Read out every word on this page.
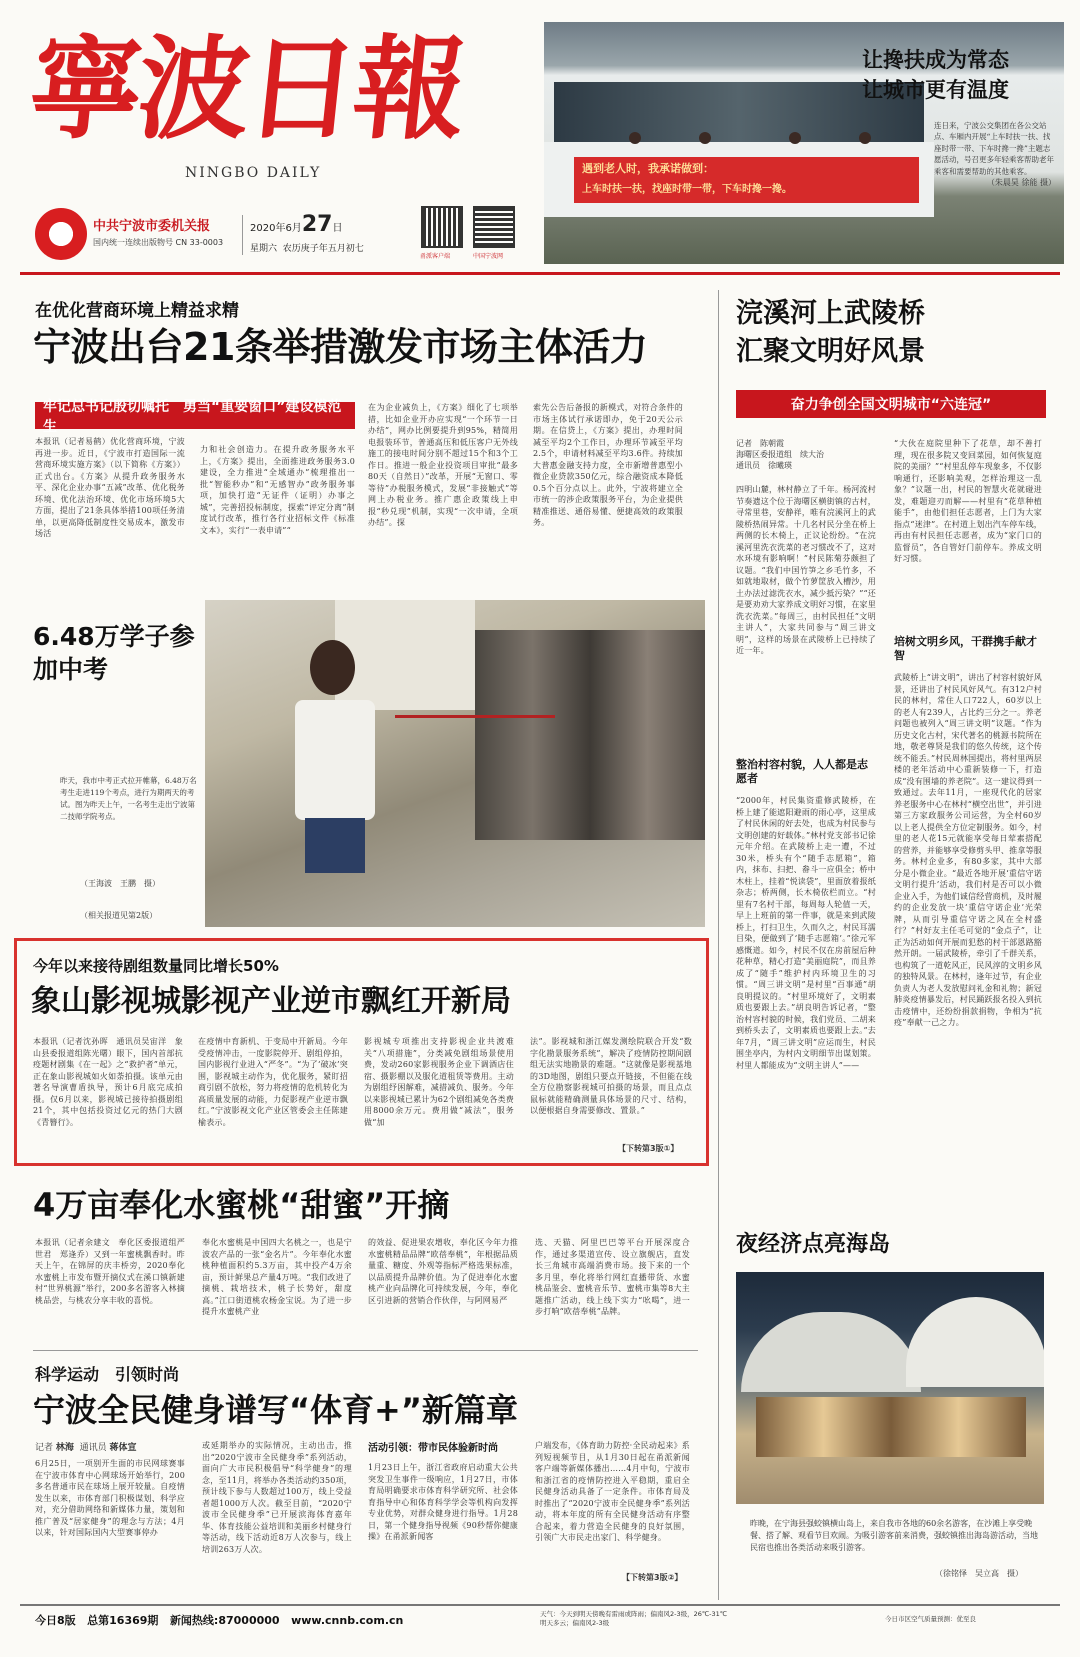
寧波日報
NINGBO DAILY
中共宁波市委机关报
国内统一连续出版物号 CN 33-0003
2020年6月27日
星期六 农历庚子年五月初七
甬派客户端	中国宁波网
让搀扶成为常态
让城市更有温度
遇到老人时，我承诺做到：
上车时扶一扶，找座时带一带，下车时搀一搀。
连日来，宁波公交集团在各公交站点、车厢内开展“上车时扶一扶、找座时带一带、下车时搀一搀”主题志愿活动，号召更多年轻乘客帮助老年乘客和需要帮助的其他乘客。
（朱晨昊 徐能 摄）
在优化营商环境上精益求精
宁波出台21条举措激发市场主体活力
牢记总书记殷切嘱托　勇当“重要窗口”建设模范生
本报讯（记者易鹤）优化营商环境，宁波再进一步。近日，《宁波市打造国际一流营商环境实施方案》（以下简称《方案》）正式出台。《方案》从提升政务服务水平、深化企业办事“五减”改革、优化税务环境、优化法治环境、优化市场环境5大方面，提出了21条具体举措100项任务清单，以更高降低制度性交易成本，激发市场活
力和社会创造力。在提升政务服务水平上，《方案》提出，全面推进政务服务3.0建设，全力推进“全域通办”梳理推出一批“智能秒办”和“无感智办”政务服务事项，加快打造“无证件（证明）办事之城”，完善招投标制度，探索“评定分离”制度试行改革，推行各行业招标文件《标准文本》，实行“一表申请”“
在为企业减负上，《方案》细化了七项举措，比如企业开办应实现“一个环节一日办结”，网办比例要提升到95%，精简用电报装环节，普通高压和低压客户无外线施工的接电时间分别不超过15个和3个工作日。推进一般企业投资项目审批“最多80天（自然日）”改革，开展“无窗口、零等待”办税服务模式，发展“非接触式”等网上办税业务。推广惠企政策线上申报“秒兑现”机制，实现“一次申请，全项办结”。探
索先公告后备报的新模式，对符合条件的市场主体试行承诺即办，免于20天公示期。在信贷上，《方案》提出，办理时间减至平均2个工作日，办理环节减至平均2.5个，申请材料减至平均3.6件。持续加大普惠金融支持力度，全市新增普惠型小微企业贷款350亿元，综合融资成本降低0.5个百分点以上。此外，宁波将建立全市统一的涉企政策服务平台，为企业提供精准推送、通俗易懂、便捷高效的政策服务。
6.48万学子参加中考
昨天，我市中考正式拉开帷幕，6.48万名考生走进119个考点，进行为期两天的考试。图为昨天上午，一名考生走出宁波第二技师学院考点。
（王海波　王鹏　摄）
（相关报道见第2版）
今年以来接待剧组数量同比增长50%
象山影视城影视产业逆市飘红开新局
本报讯（记者沈孙晖　通讯员吴宙洋　象山县委报道组陈光曙）眼下，国内首部抗疫题材剧集《在一起》之“救护者”单元，正在象山影视城如火如荼拍摄。该单元由著名导演曹盾执导，预计6月底完成拍摄。仅6月以来，影视城已接待拍摄剧组21个，其中包括投资过亿元的热门大剧《青簪行》。
在疫情中育新机、于变局中开新局。今年受疫情冲击，一度影院停开、剧组停拍，国内影视行业进入“严冬”。“为了‘破冰’突围，影视城主动作为，优化服务，紧盯招商引剧不放松，努力将疫情的危机转化为高质量发展的动能，力促影视产业逆市飘红。”宁波影视文化产业区管委会主任陈建榆表示。
影视城专项推出支持影视企业共渡难关“八项措施”，分类减免剧组场景使用费，发动260家影视服务企业下调酒店住宿、摄影棚以及服化道租赁等费用。主动为剧组纾困解难，减措减负、服务。今年以来影视城已累计为62个剧组减免各类费用8000余万元。费用做“减法”，服务做“加
法”。影视城和浙江媒发测绘院联合开发“数字化勘景服务系统”，解决了疫情防控期间剧组无法实地勘景的难题。“这就像是影视基地的3D地图，剧组只要点开链接，不但能在线全方位勘察影视城可拍摄的场景，而且点点鼠标就能精确测量具体场景的尺寸、结构，以便根据自身需要修改、置景。”
【下转第3版①】
4万亩奉化水蜜桃“甜蜜”开摘
本报讯（记者余建文　奉化区委报道组严世君　郑逢乔）又到一年蜜桃飘香时。昨天上午，在锦屏的庆丰桥旁，2020奉化水蜜桃上市发布暨开摘仪式在溪口镇新建村“世界桃源”举行，200多名游客入林摘桃品尝，与桃农分享丰收的喜悦。
奉化水蜜桃是中国四大名桃之一，也是宁波农产品的一张“金名片”。今年奉化水蜜桃种植面积约5.3万亩，其中投产4万余亩，预计鲜果总产量4万吨。“我们改进了摘桃、栽培技术，桃子长势好，甜度高。”江口街道桃农杨金宝说。为了进一步提升水蜜桃产业
的效益、促进果农增收，奉化区今年力推水蜜桃精品品牌“欧蓓奉桃”，年根据品质量重、糖度、外观等指标严格选果标准，以品质提升品牌价值。为了促进奉化水蜜桃产业向品牌化可持续发展，今年，奉化区引进新的营销合作伙伴，与阿网易严
选、天猫、阿里巴巴等平台开展深度合作，通过多渠道宣传、设立旗舰店，直发长三角城市高端消费市场。接下来的一个多月里，奉化将举行网红直播带货、水蜜桃品鉴会、蜜桃音乐节、蜜桃市集等8大主题推广活动，线上线下实力“吆喝”，进一步打响“欧蓓奉桃”品牌。
科学运动　引领时尚
宁波全民健身谱写“体育+”新篇章
记者 林海 通讯员 蒋体宣
6月25日，一项别开生面的市民网球赛事在宁波市体育中心网球场开始举行，200多名普通市民在球场上展开较量。自疫情发生以来，市体育部门积极谋划、科学应对，充分借助网络和新媒体力量，策划和推广普及“居家健身”的理念与方法；4月以来，针对国际国内大型赛事停办
或延期举办的实际情况，主动出击，推出“2020宁波市全民健身季”系列活动，面向广大市民积极倡导“科学健身”的理念，至11月，将举办各类活动约350项，预计线下参与人数超过100万，线上受益者超1000万人次。截至目前，“2020宁波市全民健身季”已开展滨海体育嘉年华、体育技能公益培训和美丽乡村健身行等活动，线下活动近8万人次参与，线上培训263万人次。
活动引领：带市民体验新时尚
1月23日上午，浙江省政府启动重大公共突发卫生事件一级响应，1月27日，市体育局明确要求市体育科学研究所、社会体育指导中心和体育科学学会等机构向发挥专业优势，对群众健身进行指导。1月28日，第一个健身指导视频《90秒帮你健康操》在甬派新闻客
户端发布，《体育助力防控·全民动起来》系列短视频节目，从1月30日起在甬派新闻客户端等新媒体播出……4月中旬，宁波市和浙江省的疫情防控进入平稳期，重启全民健身活动具备了一定条件。市体育局及时推出了“2020宁波市全民健身季”系列活动，将本年度的所有全民健身活动有序整合起来，着力营造全民健身的良好氛围，引领广大市民走出家门、科学健身。
【下转第3版②】
浣溪河上武陵桥
汇聚文明好风景
奋力争创全国文明城市“六连冠”
记者　陈朝霞
海曙区委报道组　续大治
通讯员　徐曦瑛
四明山麓，林村静立了千年。杨河流村节奏遗这个位于海曙区横街镇的古村，寻常里巷，安静祥，唯有浣溪河上的武陵桥热闹异常。十几名村民分坐在桥上两侧的长木椅上，正议论纷纷。“在浣溪河里洗衣洗菜的老习惯改不了，这对水环境有影响啊！”村民陈菊芬颇担了议题。“我们中国竹笋之乡毛竹多，不如就地取材，做个竹萝筐放入槽沙，用土办法过滤洗衣水，减少抵污染？”“还是要劝劝大家养成文明好习惯，在家里洗衣洗菜。”每周三，由村民担任“文明主讲人”，大家共同参与“周三讲文明”，这样的场景在武陵桥上已持续了近一年。
整治村容村貌，人人都是志愿者
“2000年，村民集资重修武陵桥，在桥上建了能遮阳避雨的雨心亭，这里成了村民休闲的好去处，也成为村民参与文明创建的好载体。”林村党支部书记徐元年介绍。在武陵桥上走一遭，不过30米，桥头有个“随手志愿箱”，箱内，抹布、扫把、畚斗一应俱全；桥中木柱上，挂着“悦读袋”，里面放着报纸杂志；桥两侧，长木椅依栏而立。“村里有7名村干部，每周每人轮值一天，早上上班前的第一件事，就是来到武陵桥上，打扫卫生，久而久之，村民耳濡目染，便做到了‘随手志愿箱’。”徐元军感慨道。如今，村民不仅在房前屋后种花种草，精心打造“美丽庭院”，而且养成了“随手”维护村内环境卫生的习惯。“周三讲文明”是村里“百事通”胡良明提议的。“村里环境好了，文明素质也要跟上去。”胡良明告诉记者，“整治村容村貌的时候，我们党员、二胡来到桥头去了，文明素质也要跟上去。”去年7月，“周三讲文明”应运而生，村民围坐亭内，为村内文明细节出谋划策。村里人都能成为“文明主讲人”——
“大伙在庭院里种下了花草，却不善打理，现在很多院又变回菜园，如何恢复庭院的美丽？”“村里乱停车现象多，不仅影响通行，还影响美观，怎样治理这一乱象？”议题一出，村民的智慧火花就碰进发，难题迎刃而解——村里有“花草种植能手”，由他们担任志愿者，上门为大家指点“迷津”。在村道上划出汽车停车线，再由有村民担任志愿者，成为“家门口的监督员”，各自管好门前停车。养成文明好习惯。
培树文明乡风，干群携手献才智
武陵桥上“讲文明”，讲出了村容村貌好风景，还讲出了村民风好风气。有312户村民的林村，常住人口722人，60岁以上的老人有239人，占比约三分之一。养老问题也被列入“周三讲文明”议题。“作为历史文化古村，宋代著名的桃源书院所在地，敬老尊贤是我们的悠久传统，这个传统不能丢。”村民周林国提出，将村里两层楼的老年活动中心重新装修一下，打造成“没有围墙的养老院”。这一建议得到一致通过。去年11月，一座现代化的居家养老服务中心在林村“横空出世”，并引进第三方家政服务公司运营，为全村60岁以上老人提供全方位定制服务。如今，村里的老人花15元就能享受每日荤素搭配的营养，并能够享受修剪头甲、推拿等服务。林村企业多，有80多家，其中大部分是小微企业。“最近各地开展‘重信守诺文明行提升’活动，我们村是否可以小微企业入手，为他们诚信经营商机，及时履约的企业发放一块‘重信守诺企业’光荣牌，从而引导重信守诺之风在全村盛行？”村好友主任毛可觉的“金点子”，让正为活动如何开展而犯愁的村干部恩路豁然开朗。一届武陵桥，牵引了千群关系，也构筑了一道乾风正，民风淳的文明乡风的独特风景。在林村，逢年过节，有企业负责人为老人发放慰问礼金和礼物；新冠肺炎疫情暴发后，村民踊跃报名投入到抗击疫情中，还纷纷捐款捐物，争相为“抗疫”奉献一己之力。
夜经济点亮海岛
昨晚，在宁海县强蛟镇横山岛上，来自我市各地的60余名游客，在沙滩上享受晚餐、搭了解、观看节目欢闹。为吸引游客前来消费，强蛟镇推出海岛游活动，当地民宿也推出各类活动来吸引游客。
（徐铭怿　吴立高　摄）
今日8版 总第16369期 新闻热线:87000000 www.cnnb.com.cn	天气：今天到明天傍晚有雷雨或阵雨；偏南风2-3级，26℃-31℃
明天多云；偏南风2-3级	今日市区空气质量预测：优至良
